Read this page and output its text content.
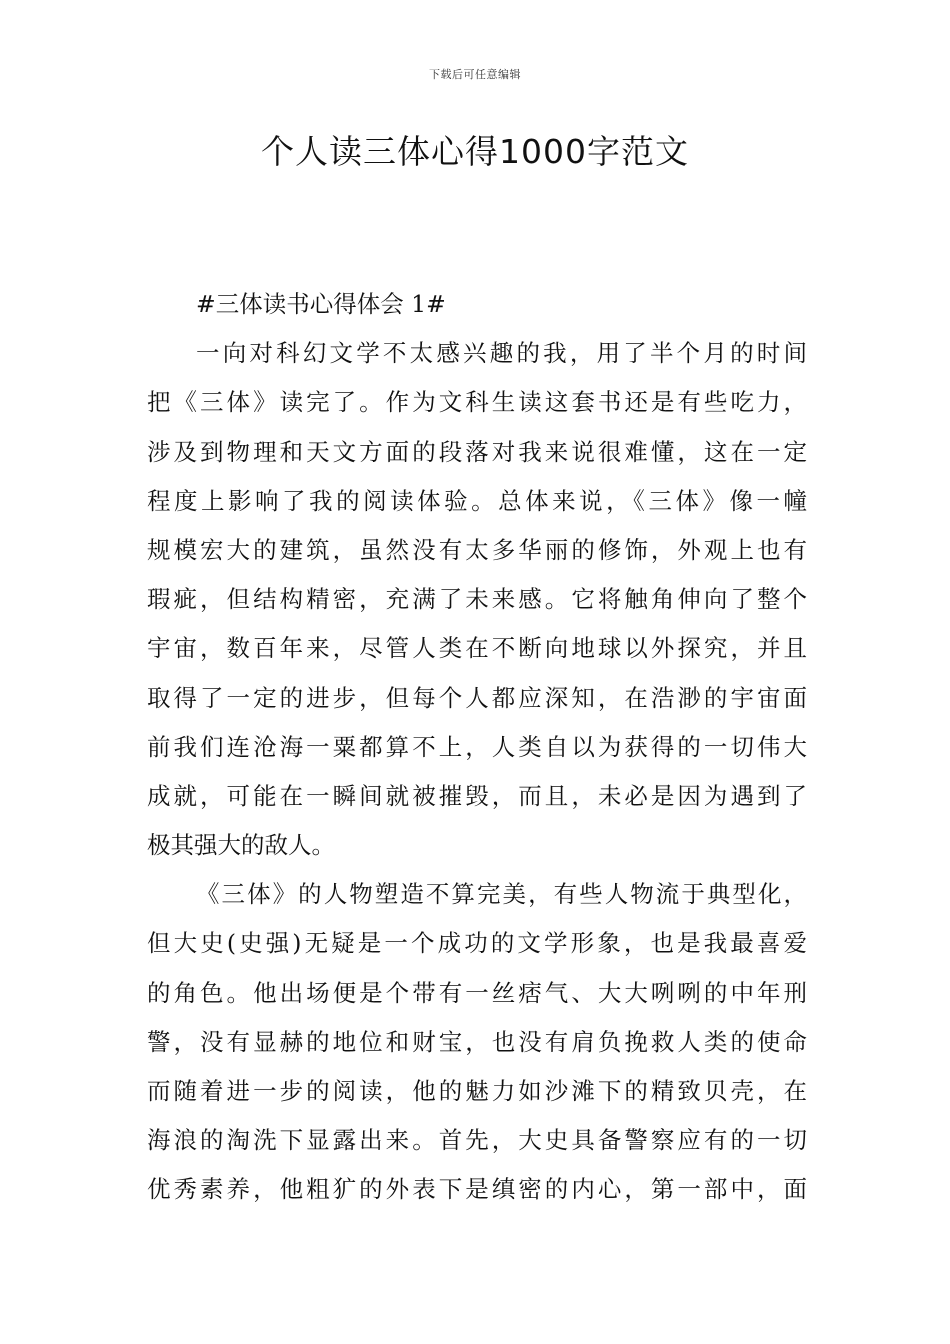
下载后可任意编辑
个人读三体心得1000字范文

#三体读书心得体会 1#

一向对科幻文学不太感兴趣的我，用了半个月的时间
把《三体》读完了。作为文科生读这套书还是有些吃力，
涉及到物理和天文方面的段落对我来说很难懂，这在一定
程度上影响了我的阅读体验。总体来说，《三体》像一幢
规模宏大的建筑，虽然没有太多华丽的修饰，外观上也有
瑕疵，但结构精密，充满了未来感。它将触角伸向了整个
宇宙，数百年来，尽管人类在不断向地球以外探究，并且
取得了一定的进步，但每个人都应深知，在浩渺的宇宙面
前我们连沧海一粟都算不上，人类自以为获得的一切伟大
成就，可能在一瞬间就被摧毁，而且，未必是因为遇到了
极其强大的敌人。
《三体》的人物塑造不算完美，有些人物流于典型化，
但大史(史强)无疑是一个成功的文学形象，也是我最喜爱
的角色。他出场便是个带有一丝痞气、大大咧咧的中年刑
警，没有显赫的地位和财宝，也没有肩负挽救人类的使命
而随着进一步的阅读，他的魅力如沙滩下的精致贝壳，在
海浪的淘洗下显露出来。首先，大史具备警察应有的一切
优秀素养，他粗犷的外表下是缜密的内心，第一部中，面
